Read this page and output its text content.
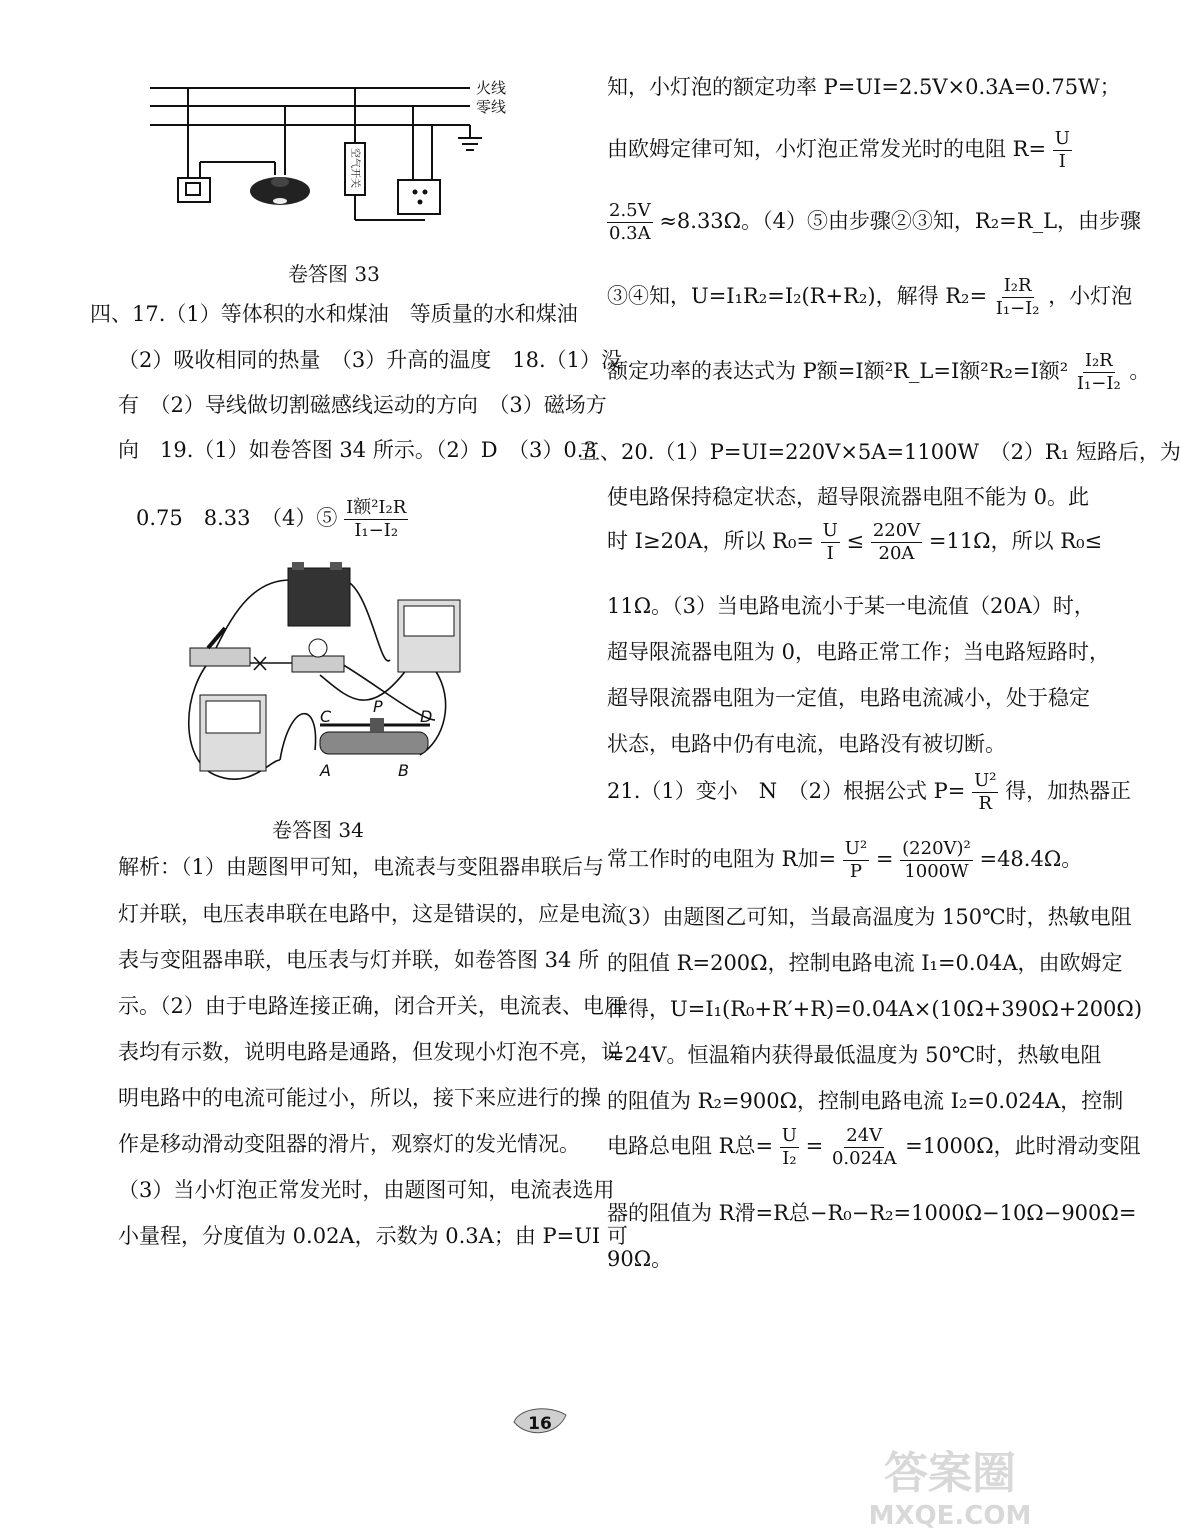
火线
零线
空气开关
卷答图 33
四、17.（1）等体积的水和煤油　等质量的水和煤油
（2）吸收相同的热量　（3）升高的温度　18.（1）没
有　（2）导线做切割磁感线运动的方向　（3）磁场方
向　19.（1）如卷答图 34 所示。（2）D　（3）0.3
0.75　8.33　（4）⑤ $\frac{\text{I额²I₂R}}{\text{I₁−I₂}}$
C
P
D
A	B
卷答图 34
解析：（1）由题图甲可知，电流表与变阻器串联后与
灯并联，电压表串联在电路中，这是错误的，应是电流
表与变阻器串联，电压表与灯并联，如卷答图 34 所
示。（2）由于电路连接正确，闭合开关，电流表、电压
表均有示数，说明电路是通路，但发现小灯泡不亮，说
明电路中的电流可能过小，所以，接下来应进行的操
作是移动滑动变阻器的滑片，观察灯的发光情况。
（3）当小灯泡正常发光时，由题图可知，电流表选用
小量程，分度值为 0.02A，示数为 0.3A；由 P=UI 可
知，小灯泡的额定功率 P=UI=2.5V×0.3A=0.75W；
由欧姆定律可知，小灯泡正常发光时的电阻 $R= \frac{U}{I}$
$\frac{2.5V}{0.3A} \approx 8.33\Omega$。（4）⑤由步骤②③知，R₂=R_L，由步骤
③④知，U=I₁R₂=I₂(R+R₂)，解得 $R_2= \frac{\text{I₂R}}{\text{I₁−I₂}}$ ，小灯泡
额定功率的表达式为 P额=I额²R_L=I额²R₂=I额$^2 \frac{\text{I₂R}}{\text{I₁−I₂}}$ 。
五、20.（1）P=UI=220V×5A=1100W　（2）R₁ 短路后，为
使电路保持稳定状态，超导限流器电阻不能为 0。此
时 I≥20A，所以 $R_0= \frac{U}{I} \le \frac{220V}{20A} =11\Omega$，所以 R₀≤
11Ω。（3）当电路电流小于某一电流值（20A）时，
超导限流器电阻为 0，电路正常工作；当电路短路时，
超导限流器电阻为一定值，电路电流减小，处于稳定
状态，电路中仍有电流，电路没有被切断。
21.（1）变小　N　（2）根据公式 $P= \frac{\text{U²}}{R}$ 得，加热器正
常工作时的电阻为 R加= $\frac{\text{U²}}{P} = \frac{\text{(220V)²}}{1000W} =48.4\Omega$。
（3）由题图乙可知，当最高温度为 150℃时，热敏电阻
的阻值 R=200Ω，控制电路电流 I₁=0.04A，由欧姆定
律得，U=I₁(R₀+R′+R)=0.04A×(10Ω+390Ω+200Ω)
=24V。恒温箱内获得最低温度为 50℃时，热敏电阻
的阻值为 R₂=900Ω，控制电路电流 I₂=0.024A，控制
电路总电阻 R总= $\frac{U}{\text{I₂}} = \frac{24V}{0.024A} =1000\Omega$，此时滑动变阻
器的阻值为 R滑=R总−R₀−R₂=1000Ω−10Ω−900Ω=
90Ω。
16
答案圈
MXQE.COM
